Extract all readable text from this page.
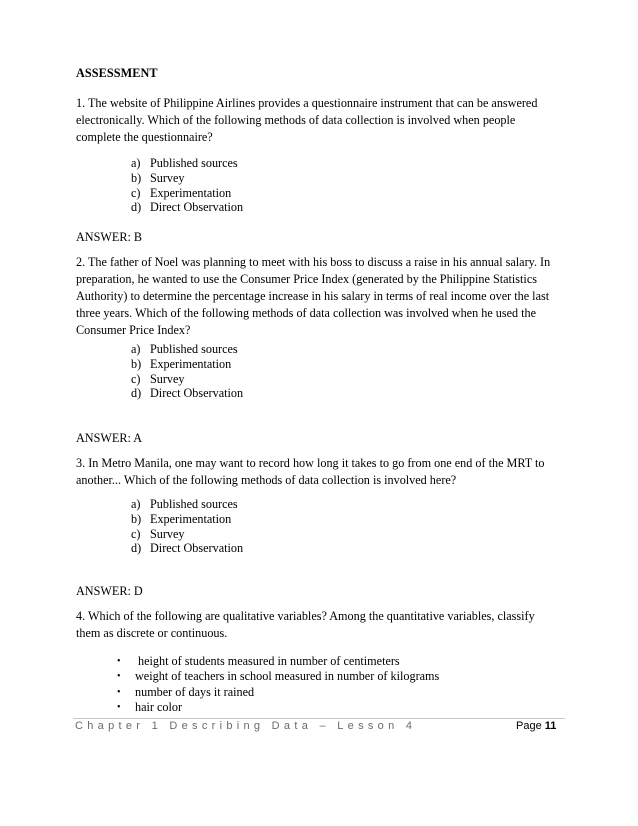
ASSESSMENT

1. The website of Philippine Airlines provides a questionnaire instrument that can be answered
electronically. Which of the following methods of data collection is involved when people
complete the questionnaire?

a) Published sources
b) Survey
c) Experimentation
d) Direct Observation
ANSWER: B

2. The father of Noel was planning to meet with his boss to discuss a raise in his annual salary. In
preparation, he wanted to use the Consumer Price Index (generated by the Philippine Statistics
Authority) to determine the percentage increase in his salary in terms of real income over the last
three years. Which of the following methods of data collection was involved when he used the
Consumer Price Index?

a) Published sources
b) Experimentation
c) Survey
d) Direct Observation
ANSWER: A

3. In Metro Manila, one may want to record how long it takes to go from one end of the MRT to
another... Which of the following methods of data collection is involved here?

a) Published sources
b) Experimentation
c) Survey
d) Direct Observation
ANSWER: D

4. Which of the following are qualitative variables? Among the quantitative variables, classify
them as discrete or continuous.

•	height of students measured in number of centimeters
•	weight of teachers in school measured in number of kilograms
•	number of days it rained
•	hair color
Chapter 1 Describing Data – Lesson 4	Page 11
